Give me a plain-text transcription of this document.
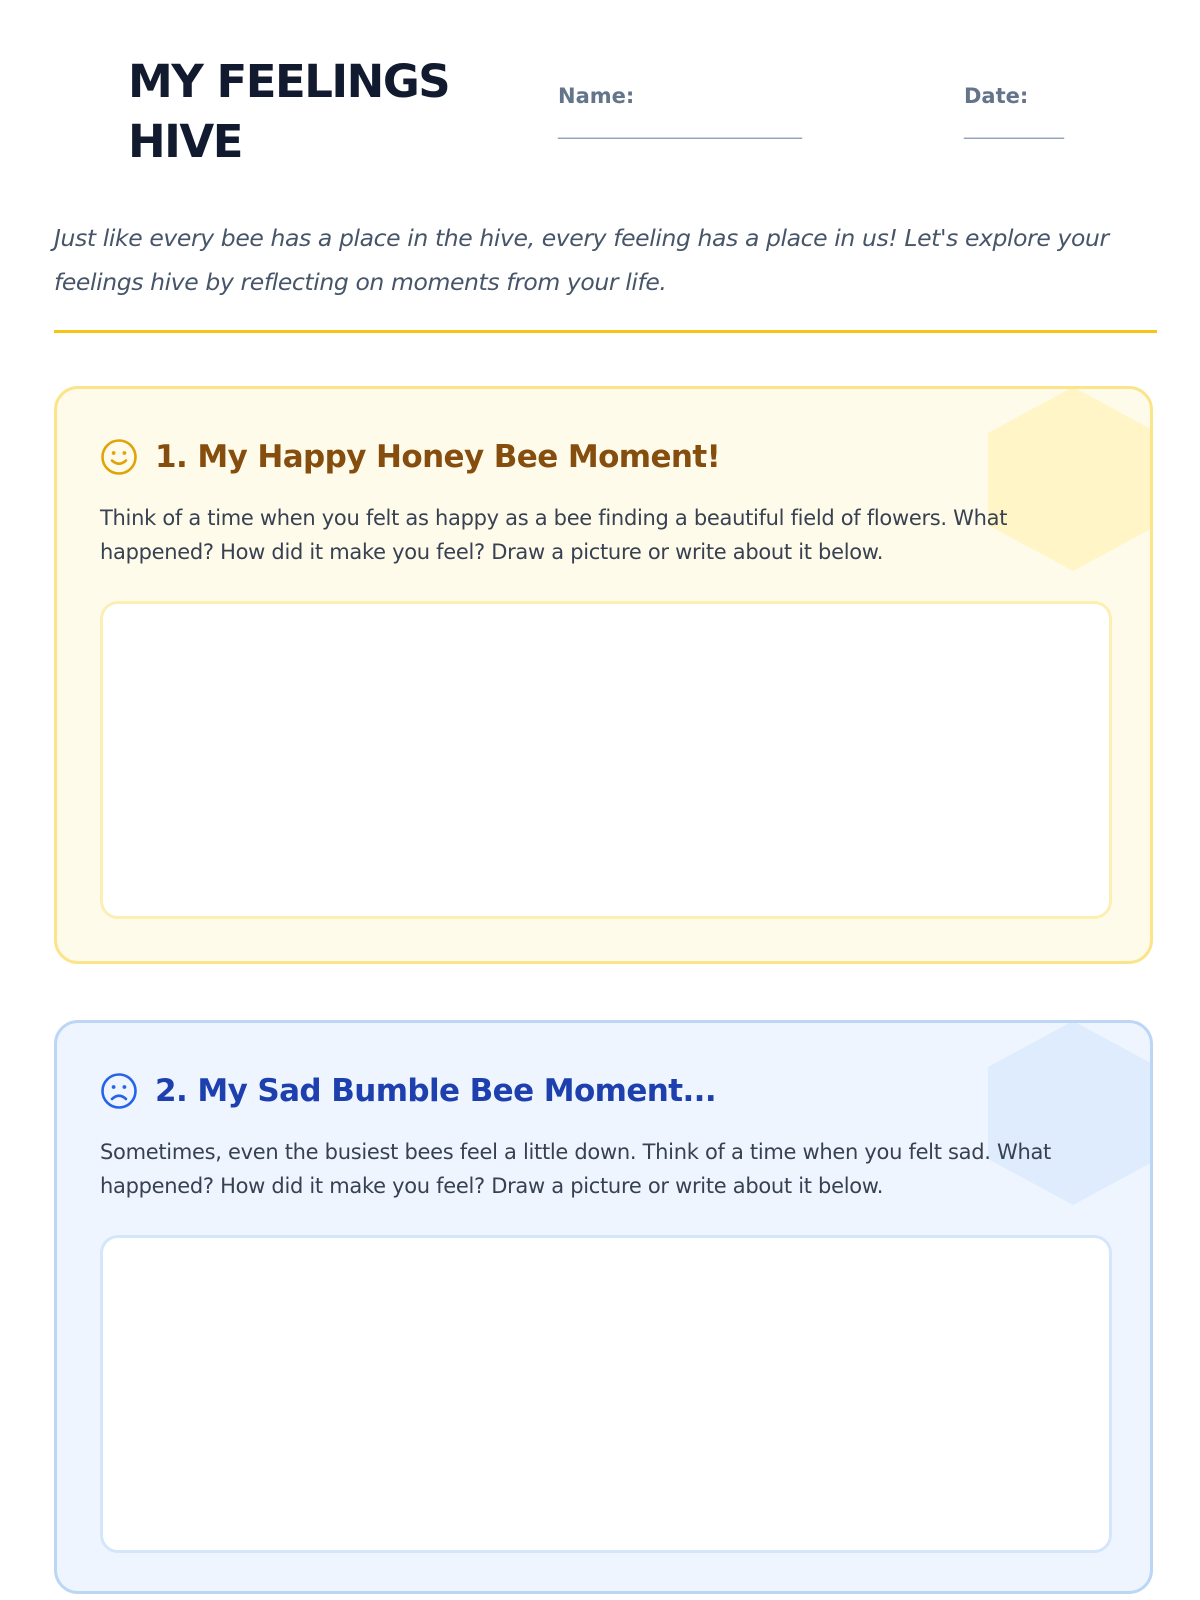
MY FEELINGS HIVE
Name:
___________________________
Date:
___________

Just like every bee has a place in the hive, every feeling has a place in us! Let's explore your feelings hive by reflecting on moments from your life.

1. My Happy Honey Bee Moment!

Think of a time when you felt as happy as a bee finding a beautiful field of flowers. What happened? How did it make you feel? Draw a picture or write about it below.

2. My Sad Bumble Bee Moment...

Sometimes, even the busiest bees feel a little down. Think of a time when you felt sad. What happened? How did it make you feel? Draw a picture or write about it below.
